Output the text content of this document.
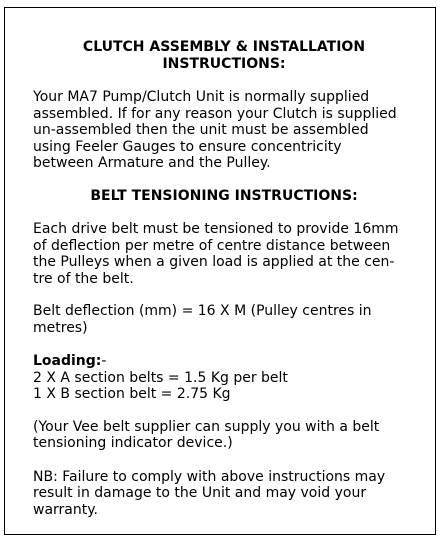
CLUTCH ASSEMBLY & INSTALLATION
INSTRUCTIONS:

Your MA7 Pump/Clutch Unit is normally supplied
assembled. If for any reason your Clutch is supplied
un-assembled then the unit must be assembled
using Feeler Gauges to ensure concentricity
between Armature and the Pulley.

BELT TENSIONING INSTRUCTIONS:

Each drive belt must be tensioned to provide 16mm
of deflection per metre of centre distance between
the Pulleys when a given load is applied at the cen-
tre of the belt.

Belt deflection (mm) = 16 X M (Pulley centres in
metres)

Loading:-
2 X A section belts = 1.5 Kg per belt
1 X B section belt = 2.75 Kg

(Your Vee belt supplier can supply you with a belt
tensioning indicator device.)

NB: Failure to comply with above instructions may
result in damage to the Unit and may void your
warranty.
